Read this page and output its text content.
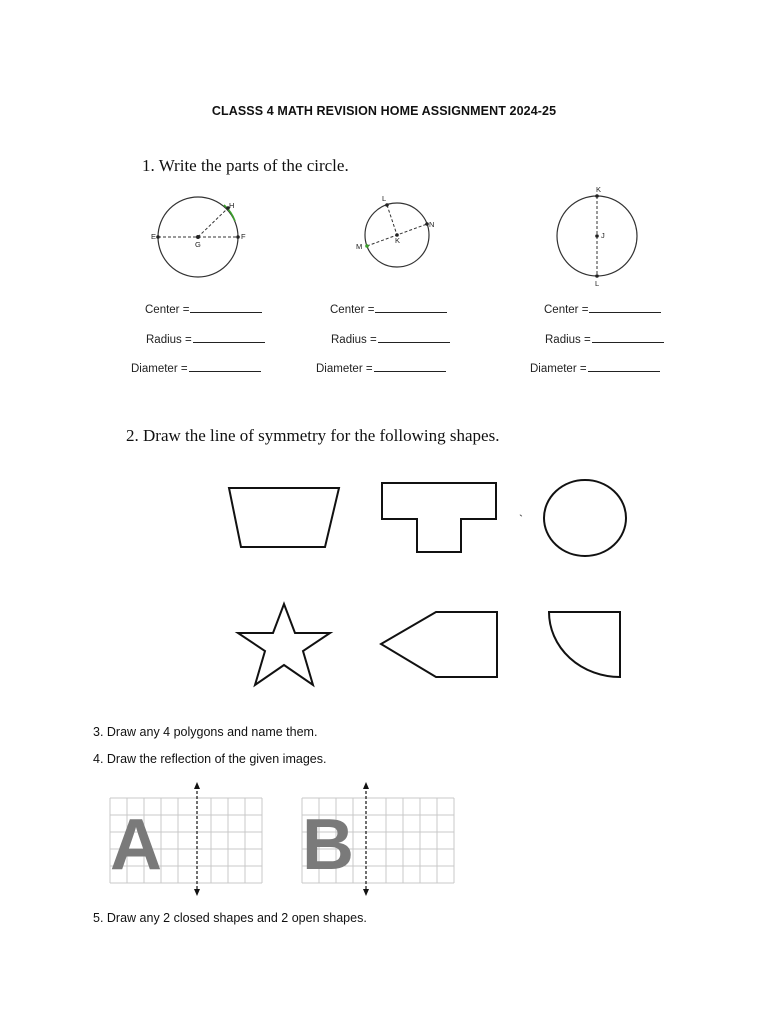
CLASSS 4 MATH REVISION HOME ASSIGNMENT 2024-25
1. Write the parts of the circle.
H
E
G
F
L
N
K
M
K
J
L
Center =
Radius =
Diameter =
Center =
Radius =
Diameter =
Center =
Radius =
Diameter =
2. Draw the line of symmetry for the following shapes.
`
3. Draw any 4 polygons and name them.
4. Draw the reflection of the given images.
A B
5. Draw any 2 closed shapes and 2 open shapes.
